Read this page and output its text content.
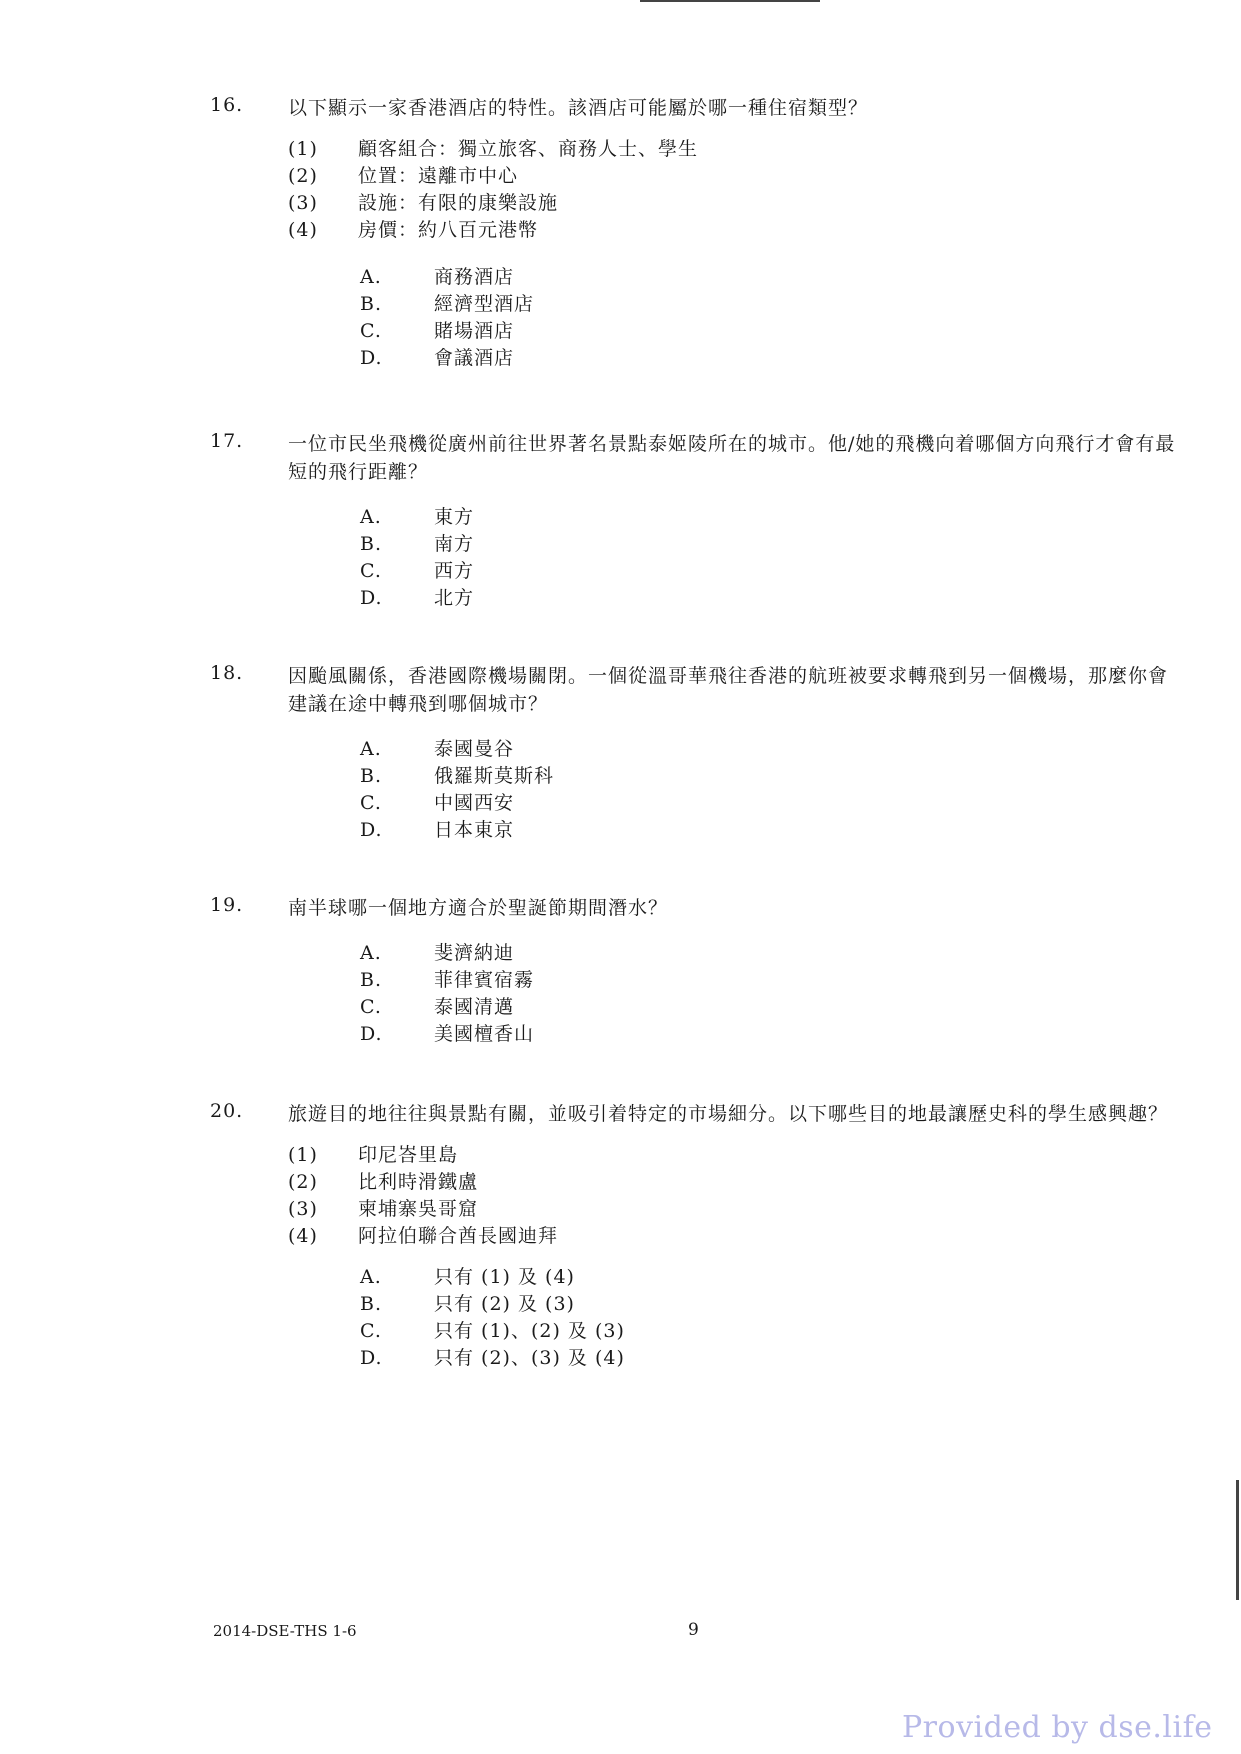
16. 以下顯示一家香港酒店的特性。該酒店可能屬於哪一種住宿類型？
(1) 顧客組合：獨立旅客、商務人士、學生
(2) 位置：遠離市中心
(3) 設施：有限的康樂設施
(4) 房價：約八百元港幣
A.	商務酒店
B.	經濟型酒店
C.	賭場酒店
D.	會議酒店
17. 一位市民坐飛機從廣州前往世界著名景點泰姬陵所在的城市。他/她的飛機向着哪個方向飛行才會有最短的飛行距離？
A.	東方
B.	南方
C.	西方
D.	北方
18. 因颱風關係，香港國際機場關閉。一個從溫哥華飛往香港的航班被要求轉飛到另一個機場，那麼你會建議在途中轉飛到哪個城市？
A.	泰國曼谷
B.	俄羅斯莫斯科
C.	中國西安
D.	日本東京
19. 南半球哪一個地方適合於聖誕節期間潛水？
A.	斐濟納迪
B.	菲律賓宿霧
C.	泰國清邁
D.	美國檀香山
20. 旅遊目的地往往與景點有關，並吸引着特定的市場細分。以下哪些目的地最讓歷史科的學生感興趣？
(1) 印尼峇里島
(2) 比利時滑鐵盧
(3) 柬埔寨吳哥窟
(4) 阿拉伯聯合酋長國迪拜
A.	只有 (1) 及 (4)
B.	只有 (2) 及 (3)
C.	只有 (1)、(2) 及 (3)
D.	只有 (2)、(3) 及 (4)
2014-DSE-THS 1-6	9
Provided by dse.life
